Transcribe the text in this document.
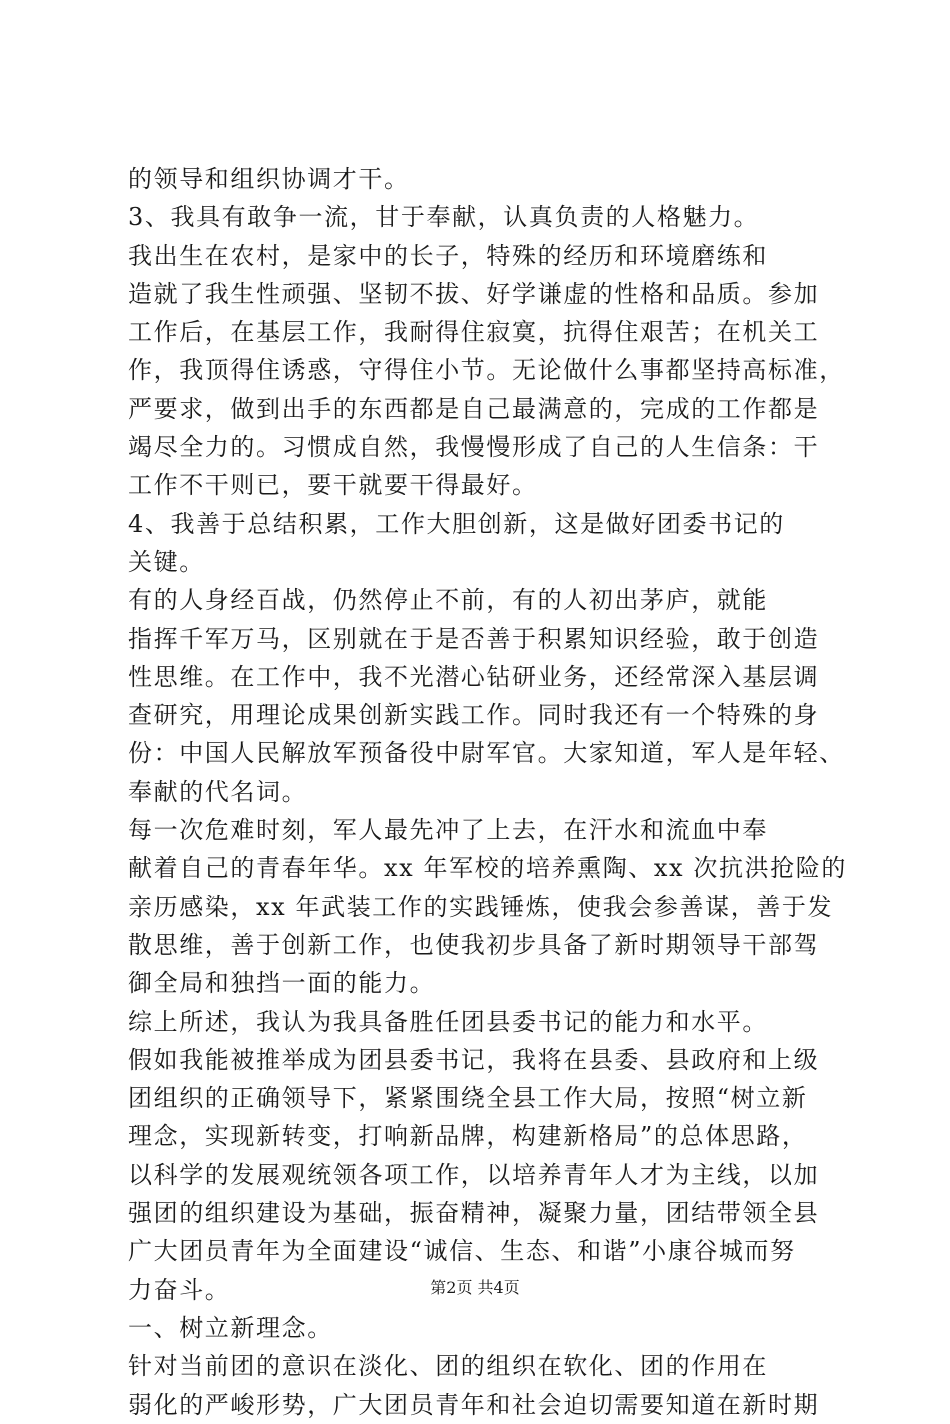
的领导和组织协调才干。

3、我具有敢争一流，甘于奉献，认真负责的人格魅力。

我出生在农村，是家中的长子，特殊的经历和环境磨练和

造就了我生性顽强、坚韧不拔、好学谦虚的性格和品质。参加

工作后，在基层工作，我耐得住寂寞，抗得住艰苦；在机关工

作，我顶得住诱惑，守得住小节。无论做什么事都坚持高标准，

严要求，做到出手的东西都是自己最满意的，完成的工作都是

竭尽全力的。习惯成自然，我慢慢形成了自己的人生信条：干

工作不干则已，要干就要干得最好。

4、我善于总结积累，工作大胆创新，这是做好团委书记的

关键。

有的人身经百战，仍然停止不前，有的人初出茅庐，就能

指挥千军万马，区别就在于是否善于积累知识经验，敢于创造

性思维。在工作中，我不光潜心钻研业务，还经常深入基层调

查研究，用理论成果创新实践工作。同时我还有一个特殊的身

份：中国人民解放军预备役中尉军官。大家知道，军人是年轻、

奉献的代名词。

每一次危难时刻，军人最先冲了上去，在汗水和流血中奉

献着自己的青春年华。xx 年军校的培养熏陶、xx 次抗洪抢险的

亲历感染，xx 年武装工作的实践锤炼，使我会参善谋，善于发

散思维，善于创新工作，也使我初步具备了新时期领导干部驾

御全局和独挡一面的能力。

综上所述，我认为我具备胜任团县委书记的能力和水平。

假如我能被推举成为团县委书记，我将在县委、县政府和上级

团组织的正确领导下，紧紧围绕全县工作大局，按照“树立新

理念，实现新转变，打响新品牌，构建新格局”的总体思路，

以科学的发展观统领各项工作，以培养青年人才为主线，以加

强团的组织建设为基础，振奋精神，凝聚力量，团结带领全县

广大团员青年为全面建设“诚信、生态、和谐”小康谷城而努

力奋斗。

一、树立新理念。

针对当前团的意识在淡化、团的组织在软化、团的作用在

弱化的严峻形势，广大团员青年和社会迫切需要知道在新时期

第2页 共4页
